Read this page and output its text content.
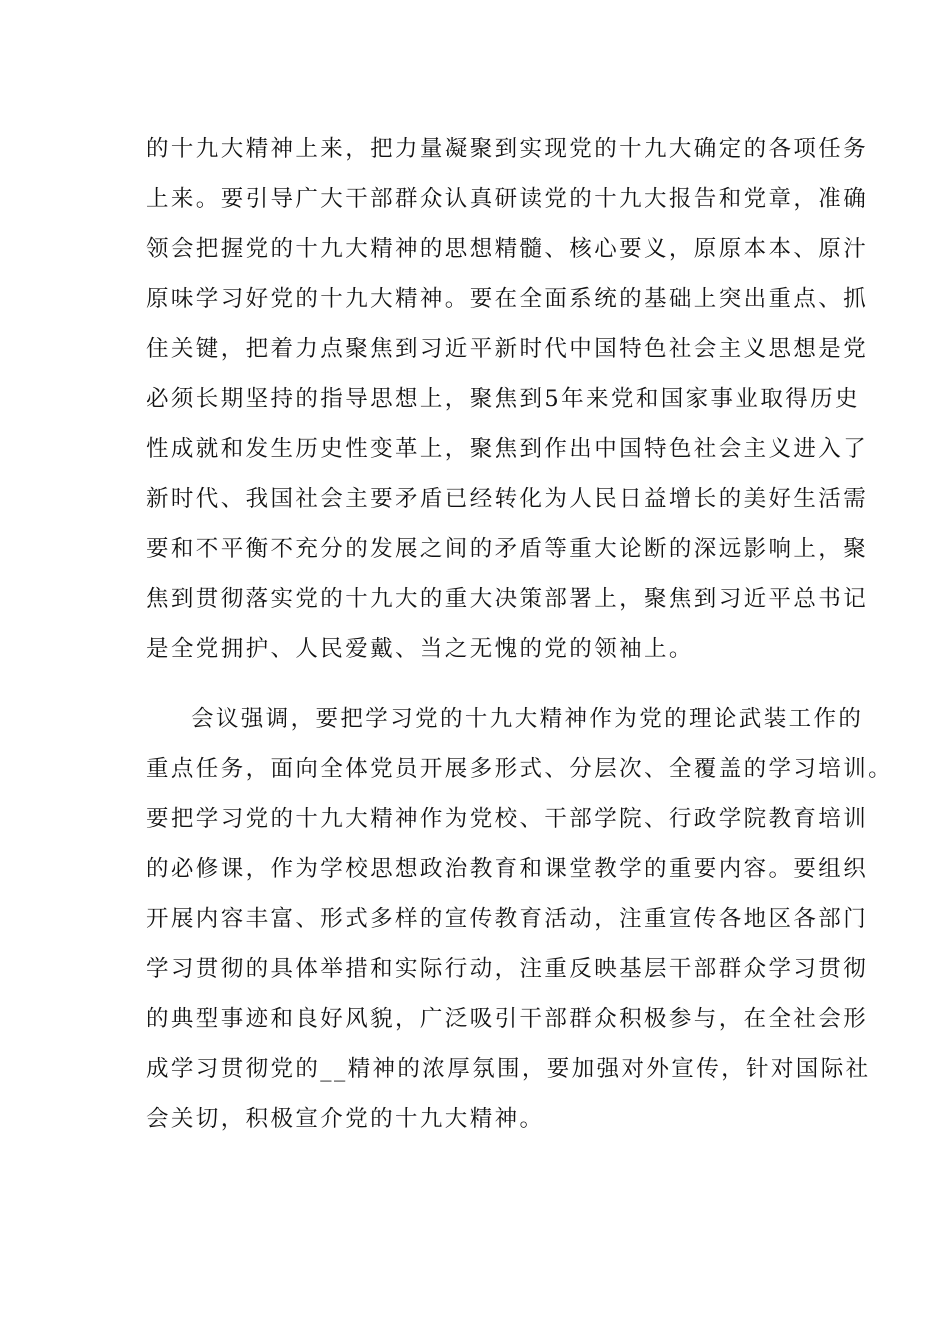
的十九大精神上来，把力量凝聚到实现党的十九大确定的各项任务
上来。要引导广大干部群众认真研读党的十九大报告和党章，准确
领会把握党的十九大精神的思想精髓、核心要义，原原本本、原汁
原味学习好党的十九大精神。要在全面系统的基础上突出重点、抓
住关键，把着力点聚焦到习近平新时代中国特色社会主义思想是党
必须长期坚持的指导思想上，聚焦到5年来党和国家事业取得历史
性成就和发生历史性变革上，聚焦到作出中国特色社会主义进入了
新时代、我国社会主要矛盾已经转化为人民日益增长的美好生活需
要和不平衡不充分的发展之间的矛盾等重大论断的深远影响上，聚
焦到贯彻落实党的十九大的重大决策部署上，聚焦到习近平总书记
是全党拥护、人民爱戴、当之无愧的党的领袖上。
会议强调，要把学习党的十九大精神作为党的理论武装工作的
重点任务，面向全体党员开展多形式、分层次、全覆盖的学习培训。
要把学习党的十九大精神作为党校、干部学院、行政学院教育培训
的必修课，作为学校思想政治教育和课堂教学的重要内容。要组织
开展内容丰富、形式多样的宣传教育活动，注重宣传各地区各部门
学习贯彻的具体举措和实际行动，注重反映基层干部群众学习贯彻
的典型事迹和良好风貌，广泛吸引干部群众积极参与，在全社会形
成学习贯彻党的__精神的浓厚氛围，要加强对外宣传，针对国际社
会关切，积极宣介党的十九大精神。
